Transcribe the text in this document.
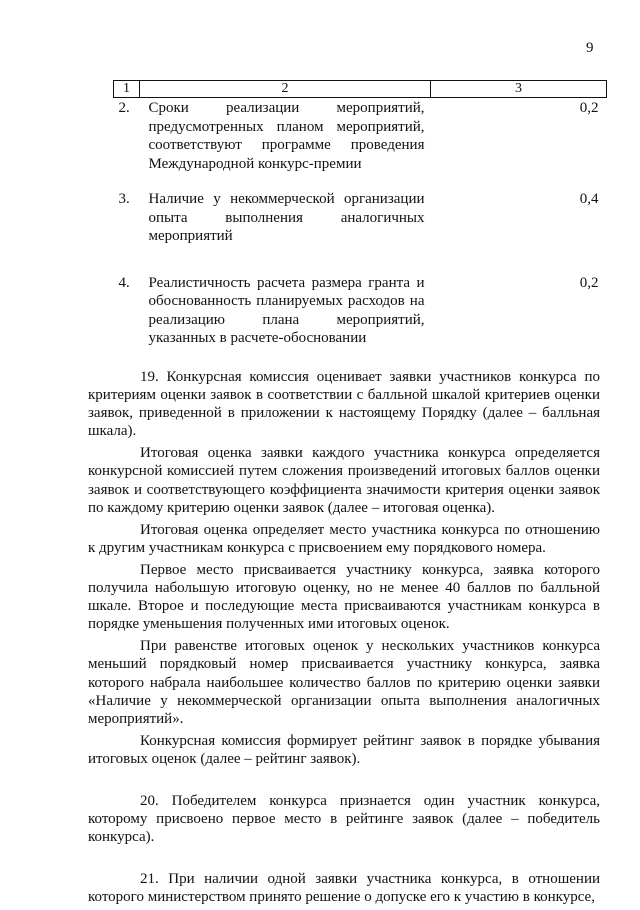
9
1	2	3
2.	Сроки реализации мероприятий, предусмотренных планом мероприятий, соответствуют программе проведения Международной конкурс-премии	0,2
3.	Наличие у некоммерческой организации опыта выполнения аналогичных мероприятий	0,4
4.	Реалистичность расчета размера гранта и обоснованность планируемых расходов на реализацию плана мероприятий, указанных в расчете-обосновании	0,2

19. Конкурсная комиссия оценивает заявки участников конкурса по критериям оценки заявок в соответствии с балльной шкалой критериев оценки заявок, приведенной в приложении к настоящему Порядку (далее – балльная шкала).

Итоговая оценка заявки каждого участника конкурса определяется конкурсной комиссией путем сложения произведений итоговых баллов оценки заявок и соответствующего коэффициента значимости критерия оценки заявок по каждому критерию оценки заявок (далее – итоговая оценка).

Итоговая оценка определяет место участника конкурса по отношению к другим участникам конкурса с присвоением ему порядкового номера.

Первое место присваивается участнику конкурса, заявка которого получила набольшую итоговую оценку, но не менее 40 баллов по балльной шкале. Второе и последующие места присваиваются участникам конкурса в порядке уменьшения полученных ими итоговых оценок.

При равенстве итоговых оценок у нескольких участников конкурса меньший порядковый номер присваивается участнику конкурса, заявка которого набрала наибольшее количество баллов по критерию оценки заявки «Наличие у некоммерческой организации опыта выполнения аналогичных мероприятий».

Конкурсная комиссия формирует рейтинг заявок в порядке убывания итоговых оценок (далее – рейтинг заявок).

20. Победителем конкурса признается один участник конкурса, которому присвоено первое место в рейтинге заявок (далее – победитель конкурса).

21. При наличии одной заявки участника конкурса, в отношении которого министерством принято решение о допуске его к участию в конкурсе,
